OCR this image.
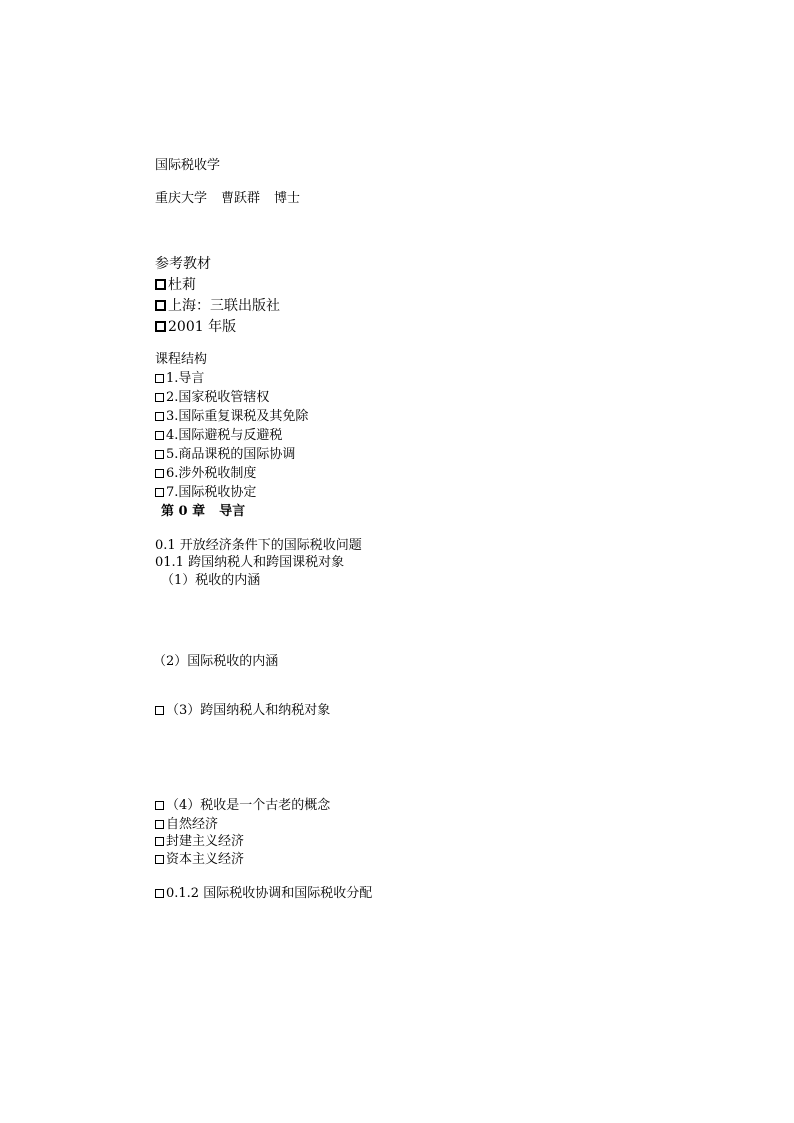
国际税收学
重庆大学 曹跃群 博士
参考教材
杜莉
上海：三联出版社
2001 年版
课程结构
1.导言
2.国家税收管辖权
3.国际重复课税及其免除
4.国际避税与反避税
5.商品课税的国际协调
6.涉外税收制度
7.国际税收协定
第 0 章 导言
0.1 开放经济条件下的国际税收问题
01.1 跨国纳税人和跨国课税对象
（1）税收的内涵
（2）国际税收的内涵
（3）跨国纳税人和纳税对象
（4）税收是一个古老的概念
自然经济
封建主义经济
资本主义经济
0.1.2 国际税收协调和国际税收分配
